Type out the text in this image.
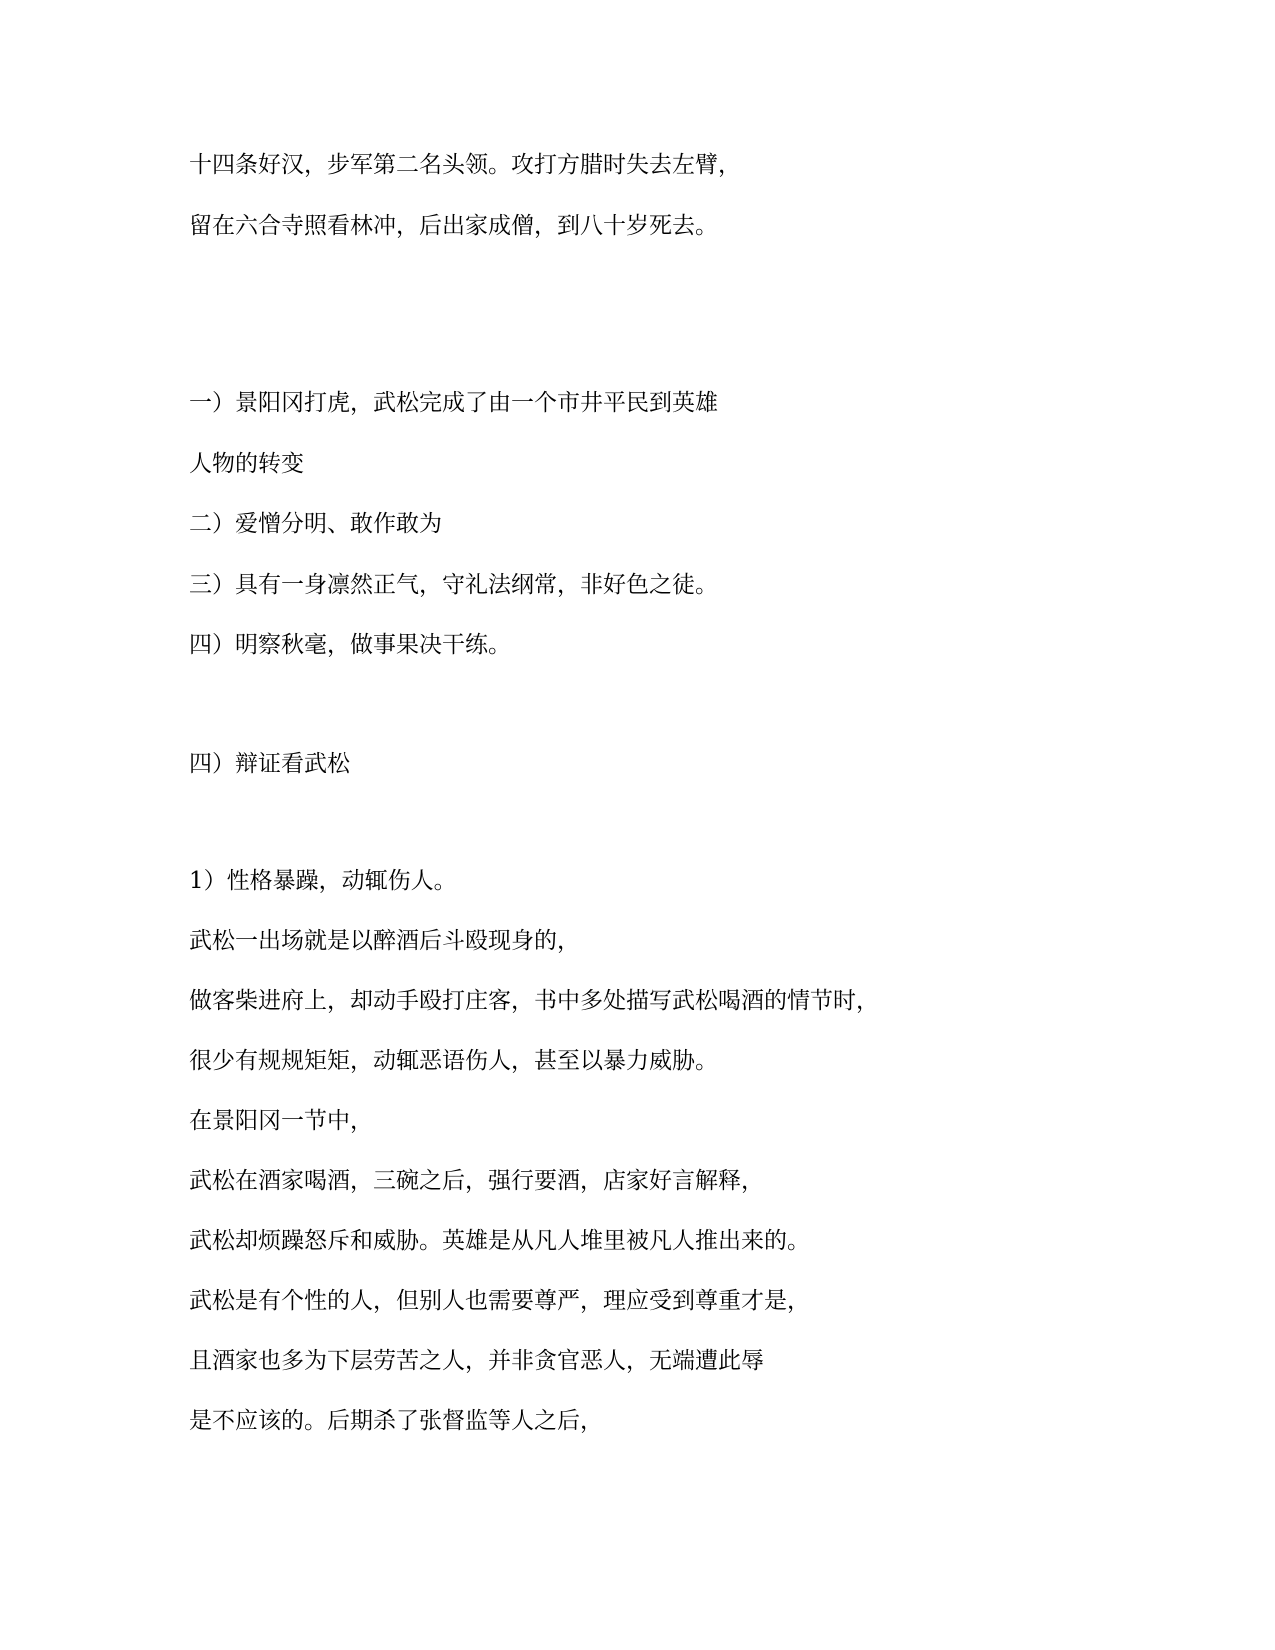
十四条好汉，步军第二名头领。攻打方腊时失去左臂，

留在六合寺照看林冲，后出家成僧，到八十岁死去。

一）景阳冈打虎，武松完成了由一个市井平民到英雄

人物的转变

二）爱憎分明、敢作敢为

三）具有一身凛然正气，守礼法纲常，非好色之徒。

四）明察秋毫，做事果决干练。

四）辩证看武松

1）性格暴躁，动辄伤人。

武松一出场就是以醉酒后斗殴现身的，

做客柴进府上，却动手殴打庄客，书中多处描写武松喝酒的情节时，

很少有规规矩矩，动辄恶语伤人，甚至以暴力威胁。

在景阳冈一节中，

武松在酒家喝酒，三碗之后，强行要酒，店家好言解释，

武松却烦躁怒斥和威胁。英雄是从凡人堆里被凡人推出来的。

武松是有个性的人，但别人也需要尊严，理应受到尊重才是，

且酒家也多为下层劳苦之人，并非贪官恶人，无端遭此辱

是不应该的。后期杀了张督监等人之后，
